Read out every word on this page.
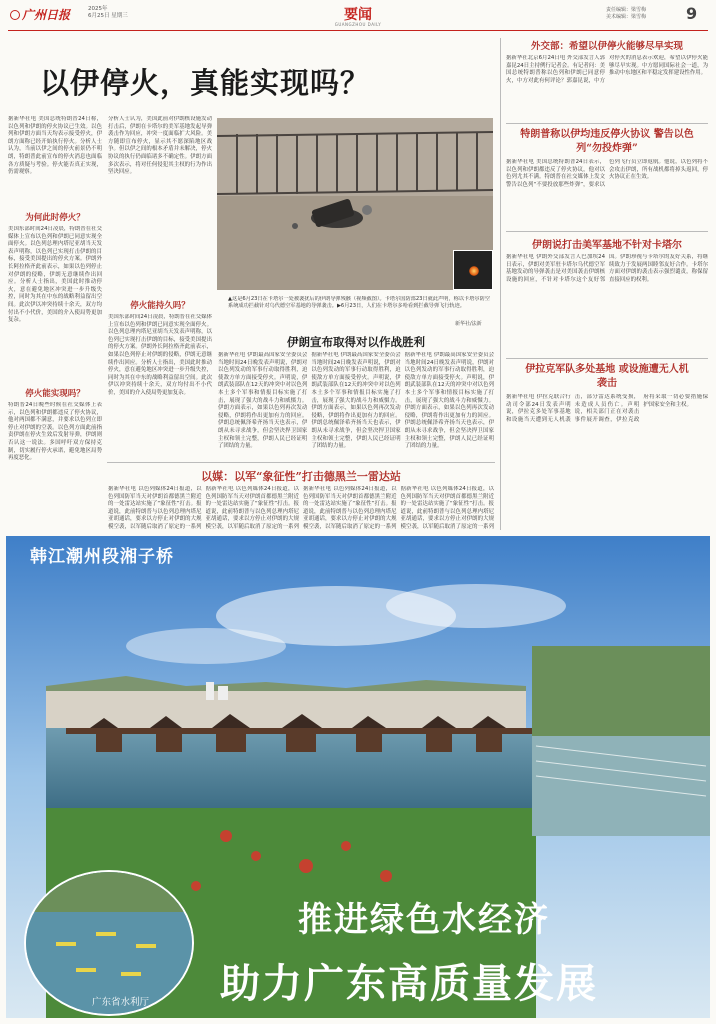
广州日报	2025年
6月25日 星期三	要闻
GUANGZHOU DAILY
责任编辑：梁雪梅
美术编辑：梁雪梅 9
以伊停火，真能实现吗？
据新华社电 美国总统特朗普24日称，以色列和伊朗的停火协议已生效。以色列和伊朗方面当天均表示接受停火，伊朗方面称已经开始执行停火。分析人士认为，当前以伊之间的停火前景仍不明朗，特朗普此前宣布的停火消息也面临各方质疑与考验。停火能否真正实现，仍需观察。
为何此时停火？
美国东部时间24日凌晨，特朗普在社交媒体上宣布以色列和伊朗已同意实现全面停火。以色列总理内塔尼亚胡当天发表声明称，以色列已实现打击伊朗的目标，接受美国提出的停火方案。伊朗外长阿拉格齐此前表示，如果以色列停止对伊朗的侵略，伊朗无意继续作出回应。分析人士指出，美国此时推动停火，意在避免地区冲突进一步升级失控，同时为其在中东的战略利益留出空间。此次伊以冲突持续十余天，双方均付出不小代价，美国的介入使局势更加复杂。
停火能实现吗？
特朗普24日晚些时候在社交媒体上表示，以色列和伊朗都违反了停火协议，他对两国都不满意，并要求以色列立即停止对伊朗的空袭。以色列方面此前指责伊朗在停火生效后发射导弹，伊朗则否认这一说法。多国呼吁双方保持克制，切实履行停火承诺，避免地区局势再度恶化。
分析人士认为，美国此前对伊朗核设施发动打击后，伊朗在卡塔尔的美军基地发起导弹袭击作为回应，冲突一度面临扩大风险。美方随即宣布停火，显示其不愿深陷地区战争。但以伊之间的根本矛盾并未解决，停火协议的执行仍面临诸多不确定性。伊朗方面多次表示，将对任何侵犯其主权的行为作出坚决回应。
停火能持久吗？
美国东部时间24日凌晨，特朗普在社交媒体上宣布以色列和伊朗已同意实现全面停火。以色列总理内塔尼亚胡当天发表声明称，以色列已实现打击伊朗的目标，接受美国提出的停火方案。伊朗外长阿拉格齐此前表示，如果以色列停止对伊朗的侵略，伊朗无意继续作出回应。分析人士指出，美国此时推动停火，意在避免地区冲突进一步升级失控，同时为其在中东的战略利益留出空间。此次伊以冲突持续十余天，双方均付出不小代价，美国的介入使局势更加复杂。
▲这是6月23日在卡塔尔一处被袭扰后的伊朗导弹残骸（视频截图）。卡塔尔国防部23日就此声明，称以卡塔尔防空系统成功拦截针对乌代德空军基地的导弹袭击。▶6月23日，人们在卡塔尔多哈看到拦截导弹飞行轨迹。
新华社/法新
伊朗宣布取得对以作战胜利
据新华社电 伊朗最高国家安全委员会当地时间24日晚发表声明说，伊朗对以色列发动的军事行动取得胜利，迫使敌方单方面接受停火。声明说，伊朗武装部队在12天的冲突中对以色列本土多个军事和情报目标实施了打击，展现了强大的战斗力和威慑力。伊朗方面表示，如果以色列再次发动侵略，伊朗将作出更加有力的回应。伊朗总统佩泽希齐扬当天也表示，伊朗从未寻求战争，但会坚决捍卫国家主权和领土完整，伊朗人民已经证明了团结的力量。
据新华社电 伊朗最高国家安全委员会当地时间24日晚发表声明说，伊朗对以色列发动的军事行动取得胜利，迫使敌方单方面接受停火。声明说，伊朗武装部队在12天的冲突中对以色列本土多个军事和情报目标实施了打击，展现了强大的战斗力和威慑力。伊朗方面表示，如果以色列再次发动侵略，伊朗将作出更加有力的回应。伊朗总统佩泽希齐扬当天也表示，伊朗从未寻求战争，但会坚决捍卫国家主权和领土完整，伊朗人民已经证明了团结的力量。
据新华社电 伊朗最高国家安全委员会当地时间24日晚发表声明说，伊朗对以色列发动的军事行动取得胜利，迫使敌方单方面接受停火。声明说，伊朗武装部队在12天的冲突中对以色列本土多个军事和情报目标实施了打击，展现了强大的战斗力和威慑力。伊朗方面表示，如果以色列再次发动侵略，伊朗将作出更加有力的回应。伊朗总统佩泽希齐扬当天也表示，伊朗从未寻求战争，但会坚决捍卫国家主权和领土完整，伊朗人民已经证明了团结的力量。
以媒：以军“象征性”打击德黑兰一雷达站
据新华社电 以色列媒体24日报道，以色列国防军当天对伊朗首都德黑兰附近的一处雷达站实施了“象征性”打击。报道说，此前特朗普与以色列总理内塔尼亚胡通话，要求以方停止对伊朗的大规模空袭，以军随后取消了原定的一系列
据新华社电 以色列媒体24日报道，以色列国防军当天对伊朗首都德黑兰附近的一处雷达站实施了“象征性”打击。报道说，此前特朗普与以色列总理内塔尼亚胡通话，要求以方停止对伊朗的大规模空袭，以军随后取消了原定的一系列
据新华社电 以色列媒体24日报道，以色列国防军当天对伊朗首都德黑兰附近的一处雷达站实施了“象征性”打击。报道说，此前特朗普与以色列总理内塔尼亚胡通话，要求以方停止对伊朗的大规模空袭，以军随后取消了原定的一系列
据新华社电 以色列媒体24日报道，以色列国防军当天对伊朗首都德黑兰附近的一处雷达站实施了“象征性”打击。报道说，此前特朗普与以色列总理内塔尼亚胡通话，要求以方停止对伊朗的大规模空袭，以军随后取消了原定的一系列
外交部：希望以伊停火能够尽早实现
据新华社北京6月24日电 外交部发言人郭嘉昆24日主持例行记者会。有记者问：美国总统特朗普称以色列和伊朗已同意停火，中方对此有何评论？郭嘉昆说，中方对停火的消息表示欢迎，希望以伊停火能够尽早实现。中方愿同国际社会一道，为推动中东地区和平稳定发挥建设性作用。
特朗普称以伊均违反停火协议 警告以色列“勿投炸弹”
据新华社电 美国总统特朗普24日表示，以色列和伊朗都违反了停火协议，他对以色列尤其不满。特朗普在社交媒体上发文警告以色列“不要投放那些炸弹”，要求以色列飞行员立即返航。他说，以色列将不会攻击伊朗，所有战机都将掉头返回，停火协议正在生效。
伊朗说打击美军基地不针对卡塔尔
据新华社电 伊朗外交部发言人巴加埃24日表示，伊朗对美军驻卡塔尔乌代德空军基地发动的导弹袭击是对美国袭击伊朗核设施的回应，不针对卡塔尔这个友好邻国。伊朗珍视与卡塔尔的友好关系，将继续致力于发展两国睦邻友好合作。卡塔尔方面对伊朗的袭击表示强烈谴责，称保留直接回应的权利。
伊拉克军队多处基地 或设施遭无人机袭击
据新华社电 伊拉克联合行动司令部24日发表声明说，伊拉克多处军事基地和设施当天遭到无人机袭击，部分雷达系统受损，未造成人员伤亡。声明说，相关部门正在对袭击事件展开调查，伊拉克政府将采取一切必要措施保护国家安全和主权。
韩江潮州段湘子桥
推进绿色水经济
助力广东高质量发展
广东省水利厅
